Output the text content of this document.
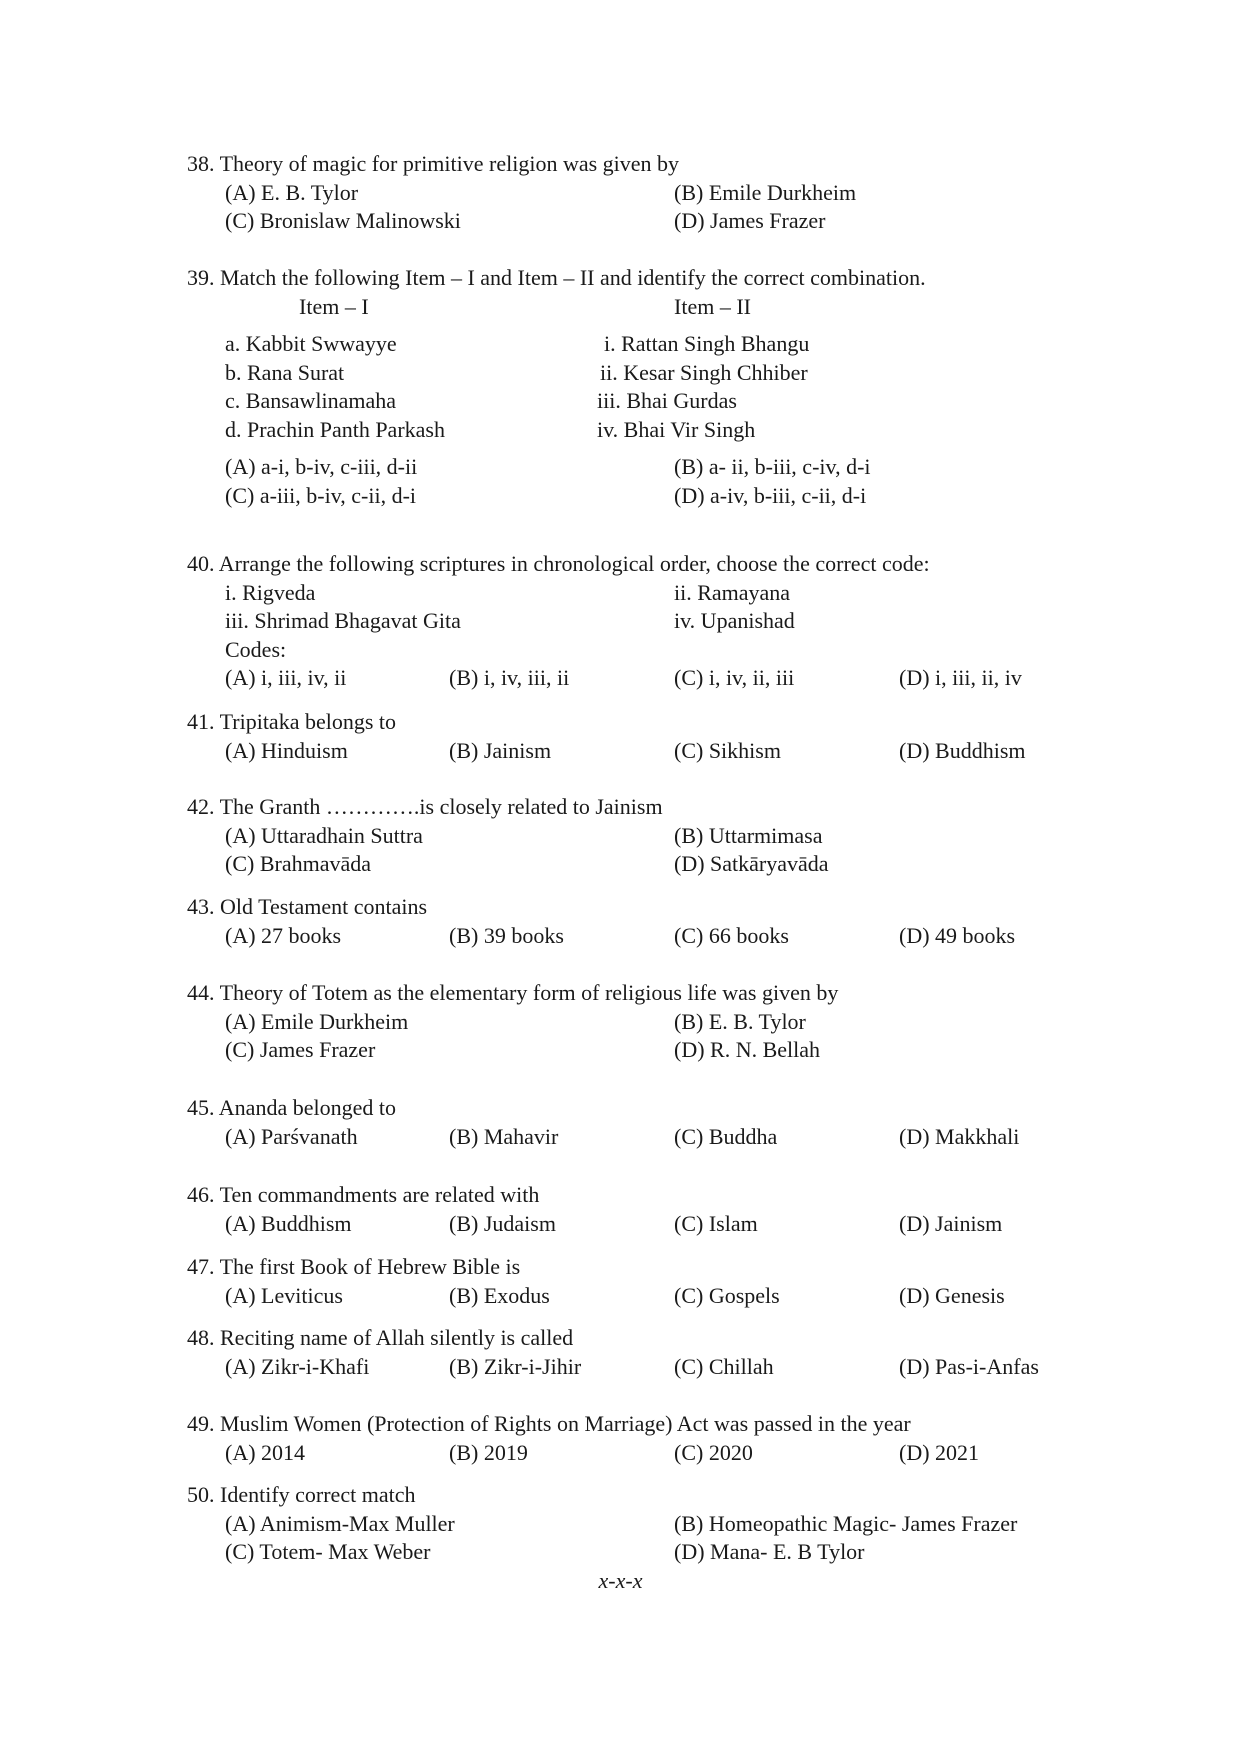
38. Theory of magic for primitive religion was given by
(A) E. B. Tylor	(B) Emile Durkheim
(C) Bronislaw Malinowski	(D) James Frazer
39. Match the following Item – I and Item – II and identify the correct combination.
Item – I	Item – II
a. Kabbit Swwayye	i. Rattan Singh Bhangu
b. Rana Surat	ii. Kesar Singh Chhiber
c. Bansawlinamaha	iii. Bhai Gurdas
d. Prachin Panth Parkash	iv. Bhai Vir Singh
(A) a-i, b-iv, c-iii, d-ii	(B) a- ii, b-iii, c-iv, d-i
(C) a-iii, b-iv, c-ii, d-i	(D) a-iv, b-iii, c-ii, d-i
40. Arrange the following scriptures in chronological order, choose the correct code:
i. Rigveda	ii. Ramayana
iii. Shrimad Bhagavat Gita	iv. Upanishad
Codes:
(A) i, iii, iv, ii	(B) i, iv, iii, ii	(C) i, iv, ii, iii	(D) i, iii, ii, iv
41. Tripitaka belongs to
(A) Hinduism	(B) Jainism	(C) Sikhism	(D) Buddhism
42. The Granth ………….is closely related to Jainism
(A) Uttaradhain Suttra	(B) Uttarmimasa
(C) Brahmavāda	(D) Satkāryavāda
43. Old Testament contains
(A) 27 books	(B) 39 books	(C) 66 books	(D) 49 books
44. Theory of Totem as the elementary form of religious life was given by
(A) Emile Durkheim	(B) E. B. Tylor
(C) James Frazer	(D) R. N. Bellah
45. Ananda belonged to
(A) Parśvanath	(B) Mahavir	(C) Buddha	(D) Makkhali
46. Ten commandments are related with
(A) Buddhism	(B) Judaism	(C) Islam	(D) Jainism
47. The first Book of Hebrew Bible is
(A) Leviticus	(B) Exodus	(C) Gospels	(D) Genesis
48. Reciting name of Allah silently is called
(A) Zikr-i-Khafi	(B) Zikr-i-Jihir	(C) Chillah	(D) Pas-i-Anfas
49. Muslim Women (Protection of Rights on Marriage) Act was passed in the year
(A) 2014	(B) 2019	(C) 2020	(D) 2021
50. Identify correct match
(A) Animism-Max Muller	(B) Homeopathic Magic- James Frazer
(C) Totem- Max Weber	(D) Mana- E. B Tylor
x-x-x
